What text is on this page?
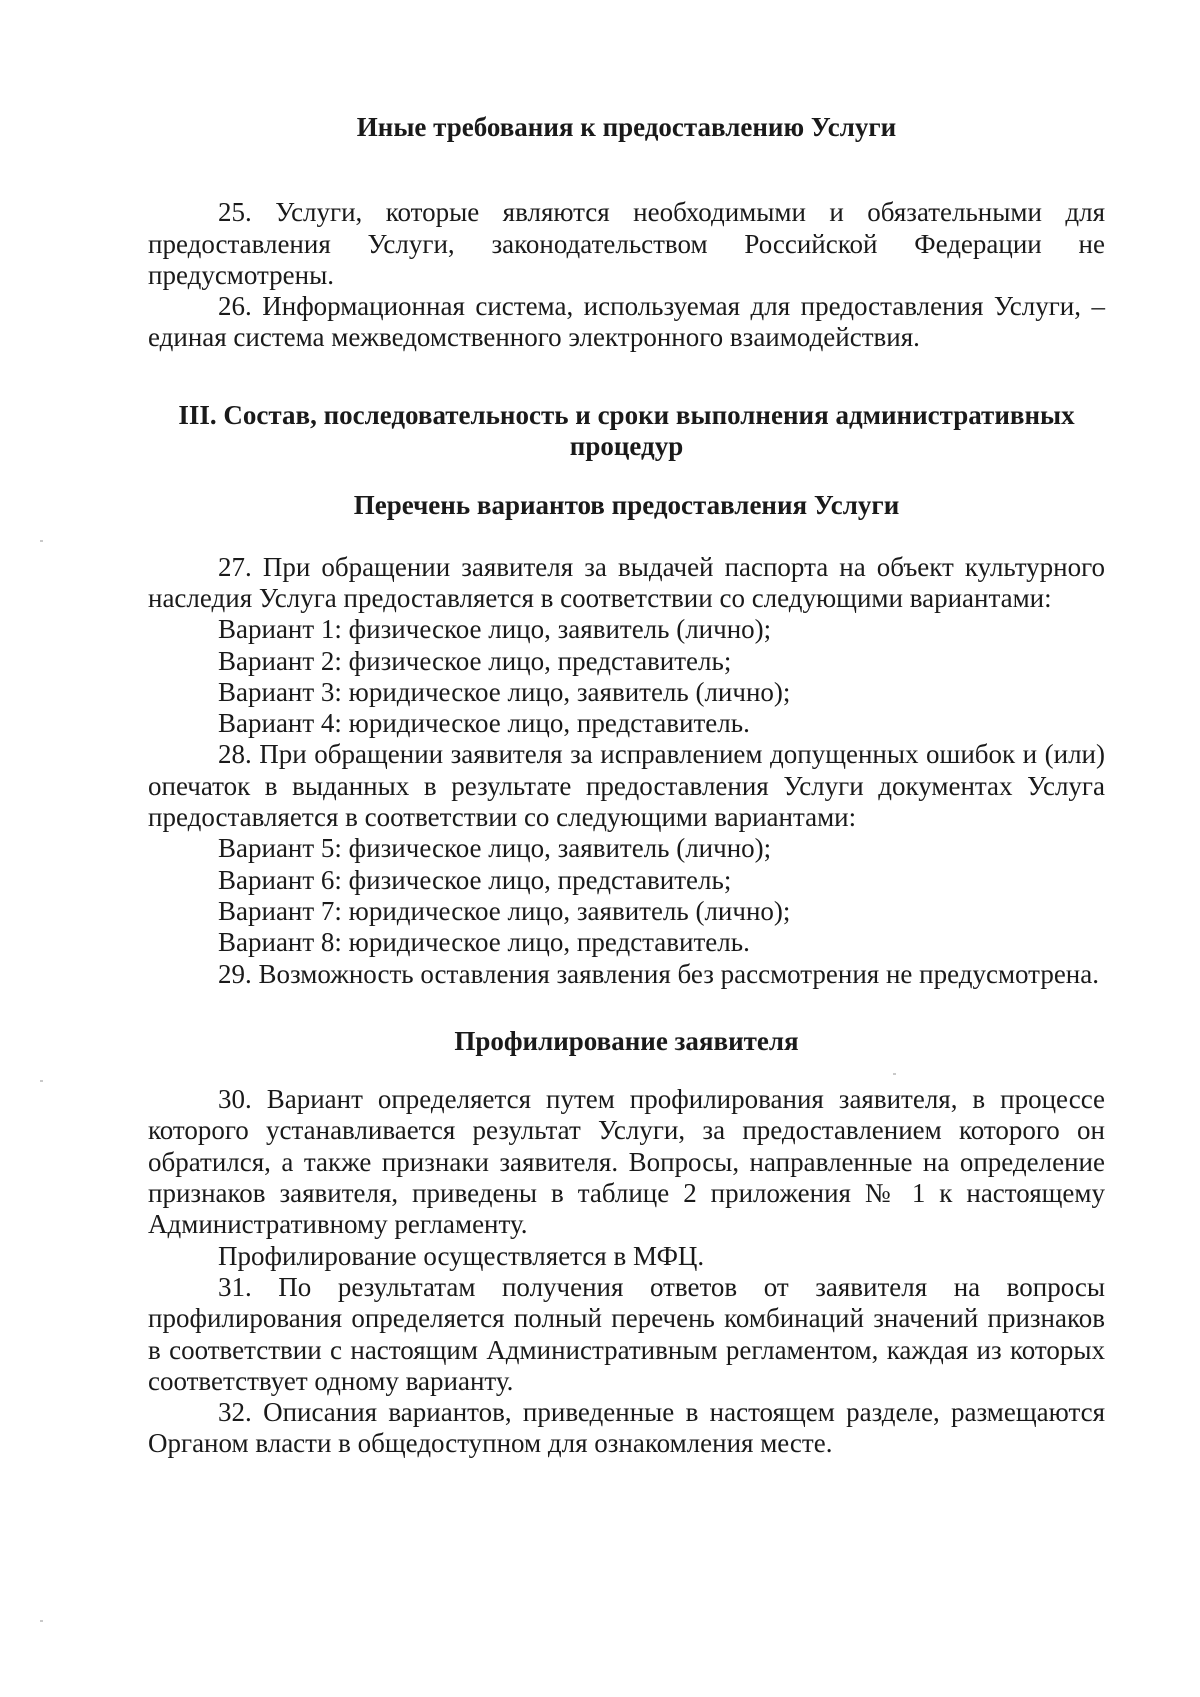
Иные требования к предоставлению Услуги

25. Услуги, которые являются необходимыми и обязательными для предоставления Услуги, законодательством Российской Федерации не предусмотрены.

26. Информационная система, используемая для предоставления Услуги, – единая система межведомственного электронного взаимодействия.

III. Состав, последовательность и сроки выполнения административных
процедур
Перечень вариантов предоставления Услуги

27. При обращении заявителя за выдачей паспорта на объект культурного наследия Услуга предоставляется в соответствии со следующими вариантами:

Вариант 1: физическое лицо, заявитель (лично);
Вариант 2: физическое лицо, представитель;
Вариант 3: юридическое лицо, заявитель (лично);
Вариант 4: юридическое лицо, представитель.

28. При обращении заявителя за исправлением допущенных ошибок и (или) опечаток в выданных в результате предоставления Услуги документах Услуга предоставляется в соответствии со следующими вариантами:

Вариант 5: физическое лицо, заявитель (лично);
Вариант 6: физическое лицо, представитель;
Вариант 7: юридическое лицо, заявитель (лично);
Вариант 8: юридическое лицо, представитель.

29. Возможность оставления заявления без рассмотрения не предусмотрена.

Профилирование заявителя

30. Вариант определяется путем профилирования заявителя, в процессе которого устанавливается результат Услуги, за предоставлением которого он обратился, а также признаки заявителя. Вопросы, направленные на определение признаков заявителя, приведены в таблице 2 приложения № 1 к настоящему Административному регламенту.

Профилирование осуществляется в МФЦ.

31. По результатам получения ответов от заявителя на вопросы профилирования определяется полный перечень комбинаций значений признаков в соответствии с настоящим Административным регламентом, каждая из которых соответствует одному варианту.

32. Описания вариантов, приведенные в настоящем разделе, размещаются Органом власти в общедоступном для ознакомления месте.
